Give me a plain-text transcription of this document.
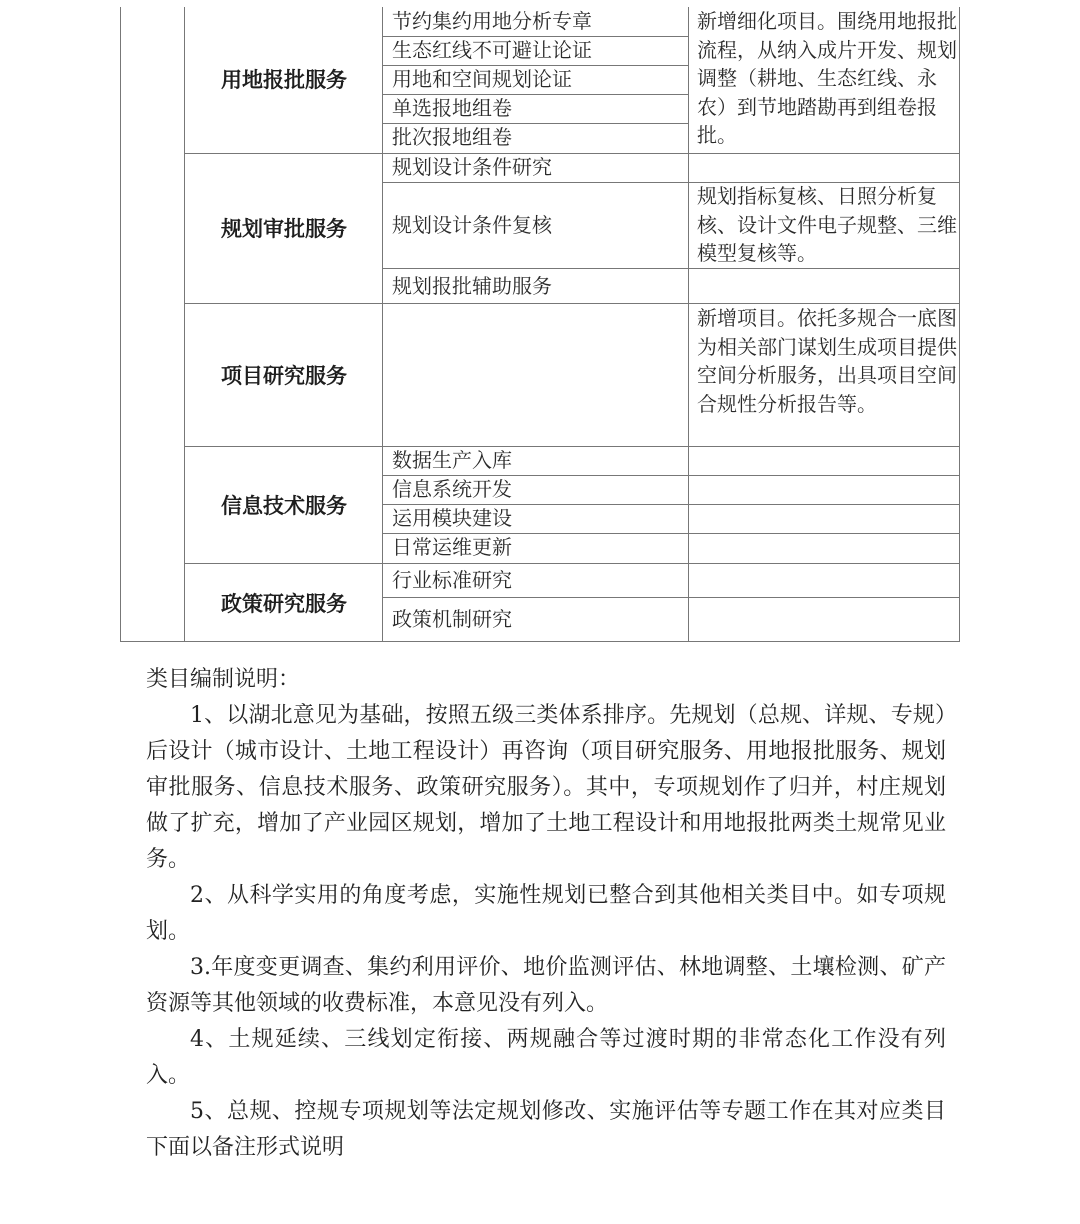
用地报批服务
节约集约用地分析专章
生态红线不可避让论证
用地和空间规划论证
单选报地组卷
批次报地组卷
新增细化项目。围绕用地报批流程，从纳入成片开发、规划调整（耕地、生态红线、永农）到节地踏勘再到组卷报批。
规划审批服务
规划设计条件研究
规划设计条件复核
规划报批辅助服务
规划指标复核、日照分析复核、设计文件电子规整、三维模型复核等。
项目研究服务
新增项目。依托多规合一底图为相关部门谋划生成项目提供空间分析服务，出具项目空间合规性分析报告等。
信息技术服务
数据生产入库
信息系统开发
运用模块建设
日常运维更新
政策研究服务
行业标准研究
政策机制研究
类目编制说明：

1、以湖北意见为基础，按照五级三类体系排序。先规划（总规、详规、专规）后设计（城市设计、土地工程设计）再咨询（项目研究服务、用地报批服务、规划审批服务、信息技术服务、政策研究服务）。其中，专项规划作了归并，村庄规划做了扩充，增加了产业园区规划，增加了土地工程设计和用地报批两类土规常见业务。

2、从科学实用的角度考虑，实施性规划已整合到其他相关类目中。如专项规划。

3.年度变更调查、集约利用评价、地价监测评估、林地调整、土壤检测、矿产资源等其他领域的收费标准，本意见没有列入。

4、土规延续、三线划定衔接、两规融合等过渡时期的非常态化工作没有列入。

5、总规、控规专项规划等法定规划修改、实施评估等专题工作在其对应类目下面以备注形式说明
